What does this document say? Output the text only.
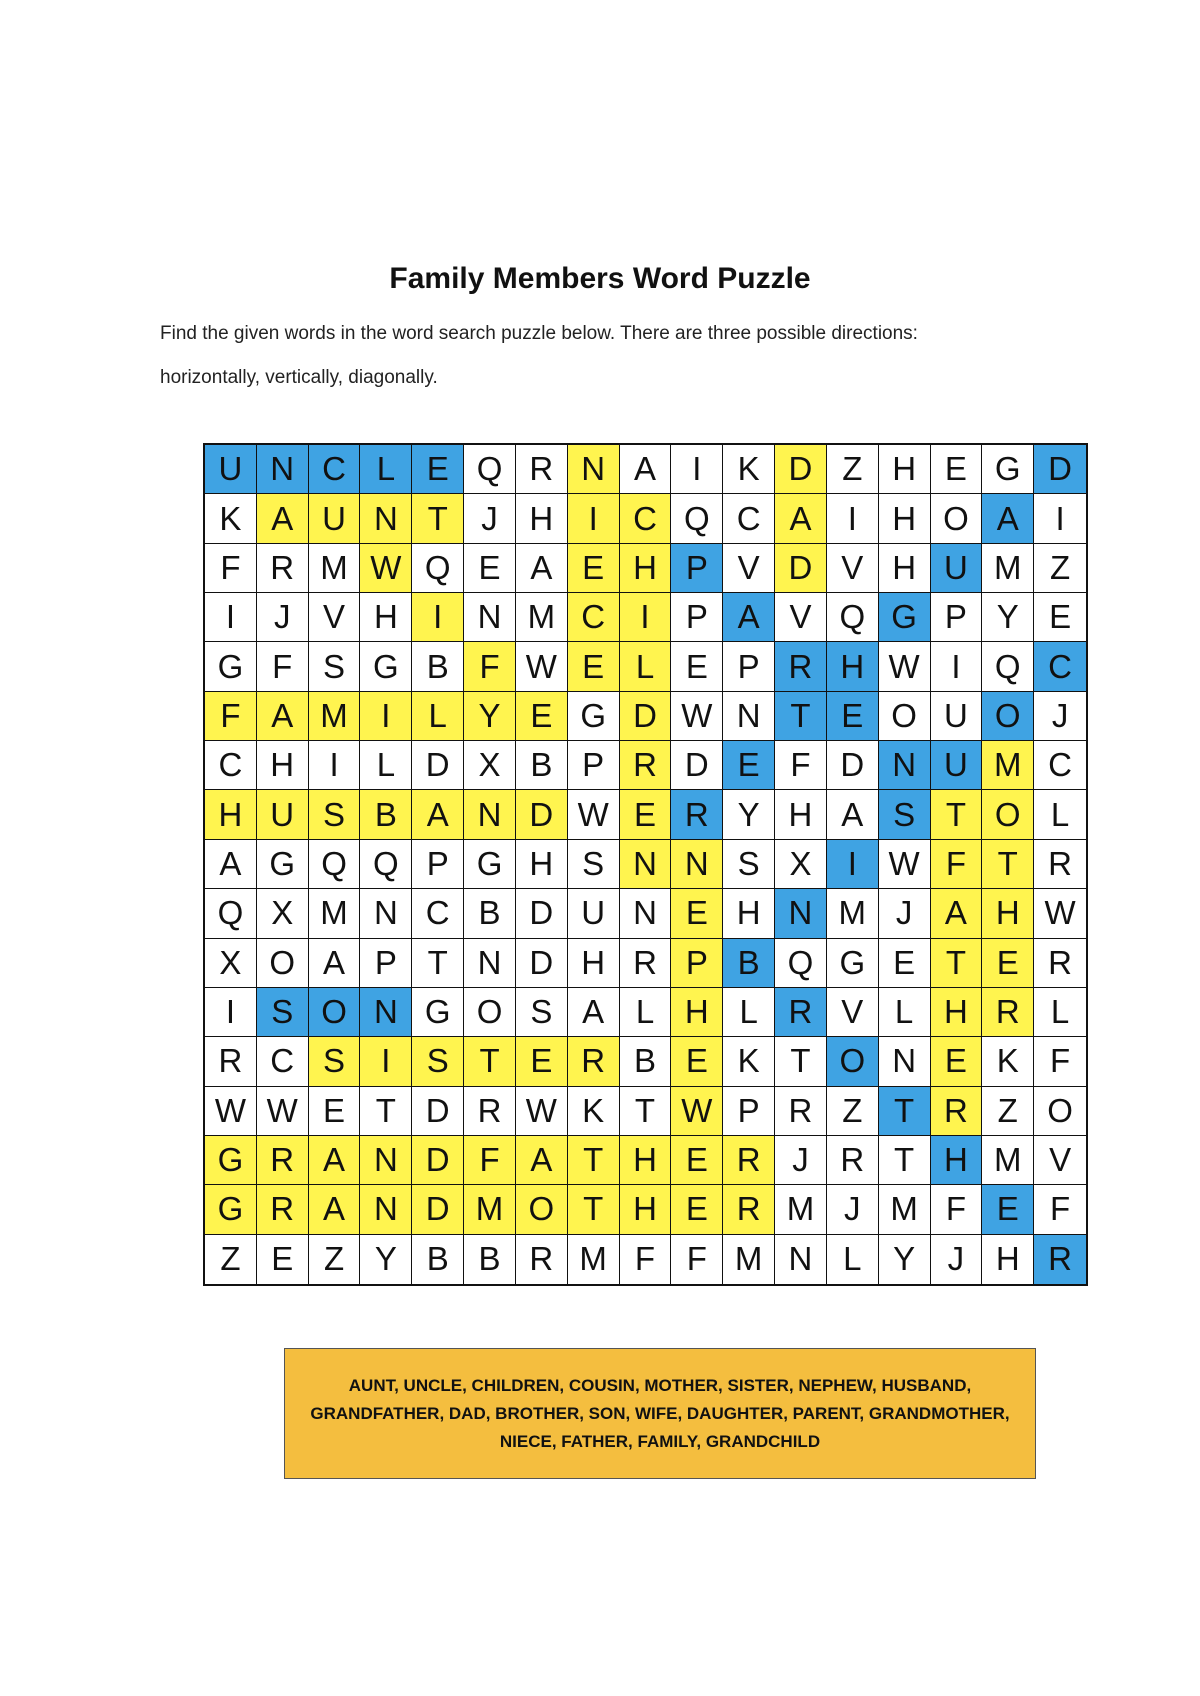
Family Members Word Puzzle
Find the given words in the word search puzzle below. There are three possible directions:
horizontally, vertically, diagonally.
U N C L E Q R N A	I	K D Z H E G D
K A U N T	J H	I	C Q C A	I	H O A	I
F R M W Q E A E H P V D V H U M Z
I	J V H	I	N M C	I	P A V Q G P Y E
G F S G B F W E L E P R H W I	Q C
F A M	I	L Y E G D W N T E O U O J
C H	I	L D X B P R D E F D N U M C
H U S B A N D W E R Y H A S T O L
A G Q Q P G H S N N S X	I W F T R
Q X M N C B D U N E H N M J A H W
X O A P T N D H R P B Q G E T E R
I	S O N G O S A L H L R V L H R L
R C S	I	S T E R B E K T O N E K F
W W E T D R W K T W P R Z T R Z O
G R A N D F A T H E R J R T H M V
G R A N D M O T H E R M J M F E F
Z E Z Y B B R M F F M N L Y J H R
AUNT, UNCLE, CHILDREN, COUSIN, MOTHER, SISTER, NEPHEW, HUSBAND, GRANDFATHER, DAD, BROTHER, SON, WIFE, DAUGHTER, PARENT, GRANDMOTHER, NIECE, FATHER, FAMILY, GRANDCHILD
